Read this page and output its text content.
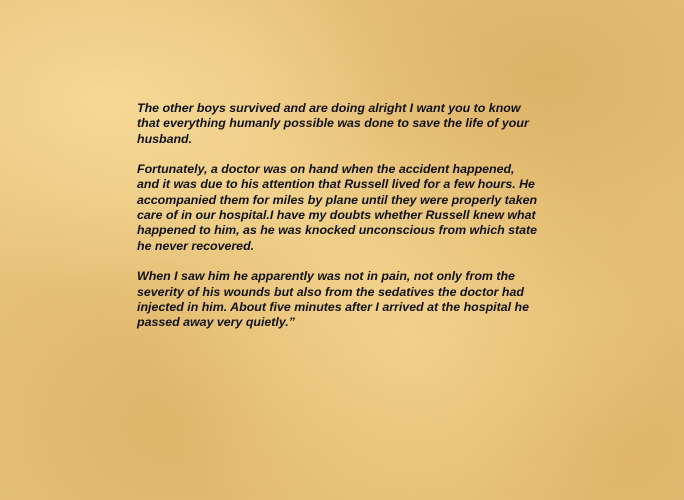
The other boys survived and are doing alright I want you to know
that everything humanly possible was done to save the life of your
husband.

Fortunately, a doctor was on hand when the accident happened,
and it was due to his attention that Russell lived for a few hours. He
accompanied them for miles by plane until they were properly taken
care of in our hospital.I have my doubts whether Russell knew what
happened to him, as he was knocked unconscious from which state
he never recovered.

When I saw him he apparently was not in pain, not only from the
severity of his wounds but also from the sedatives the doctor had
injected in him. About five minutes after I arrived at the hospital he
passed away very quietly.”
